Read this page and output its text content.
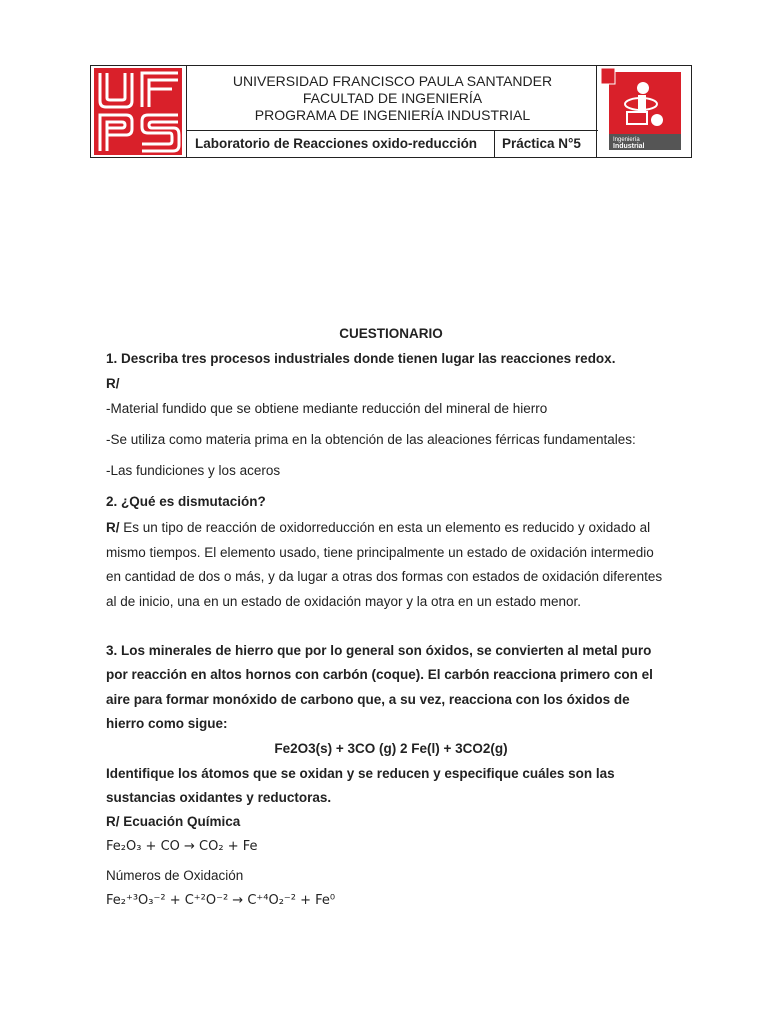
UNIVERSIDAD FRANCISCO PAULA SANTANDER
FACULTAD DE INGENIERÍA
PROGRAMA DE INGENIERÍA INDUSTRIAL
Laboratorio de Reacciones oxido-reducción	Práctica N°5	Ingeniería
Industrial
CUESTIONARIO
1. Describa tres procesos industriales donde tienen lugar las reacciones redox.
R/
-Material fundido que se obtiene mediante reducción del mineral de hierro
-Se utiliza como materia prima en la obtención de las aleaciones férricas fundamentales:
-Las fundiciones y los aceros
2. ¿Qué es dismutación?
R/ Es un tipo de reacción de oxidorreducción en esta un elemento es reducido y oxidado al
mismo tiempos. El elemento usado, tiene principalmente un estado de oxidación intermedio
en cantidad de dos o más, y da lugar a otras dos formas con estados de oxidación diferentes
al de inicio, una en un estado de oxidación mayor y la otra en un estado menor.
3. Los minerales de hierro que por lo general son óxidos, se convierten al metal puro
por reacción en altos hornos con carbón (coque). El carbón reacciona primero con el
aire para formar monóxido de carbono que, a su vez, reacciona con los óxidos de
hierro como sigue:
Fe2O3(s) + 3CO (g) 2 Fe(l) + 3CO2(g)
Identifique los átomos que se oxidan y se reducen y especifique cuáles son las
sustancias oxidantes y reductoras.
R/ Ecuación Química
Fe₂O₃ + CO → CO₂ + Fe
Números de Oxidación
Fe₂⁺³O₃⁻² + C⁺²O⁻² → C⁺⁴O₂⁻² + Fe⁰
